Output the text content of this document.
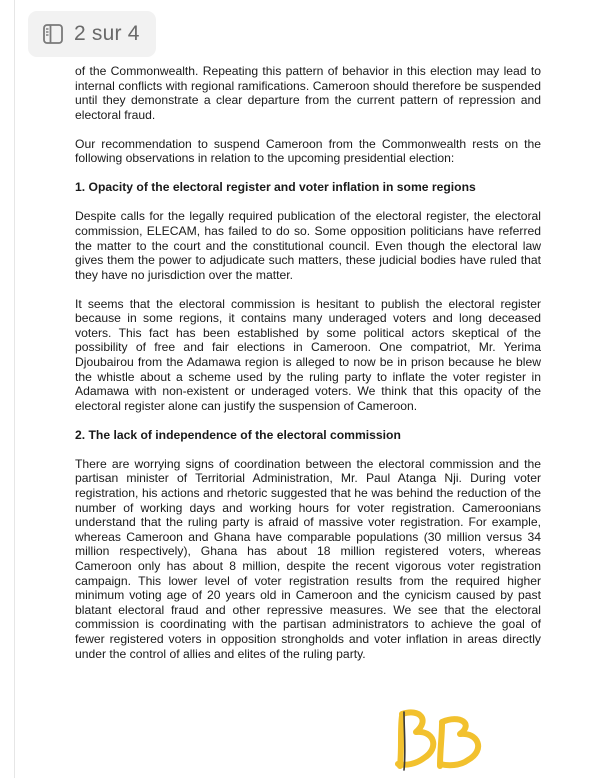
2 sur 4

of the Commonwealth. Repeating this pattern of behavior in this election may lead to internal conflicts with regional ramifications. Cameroon should therefore be suspended until they demonstrate a clear departure from the current pattern of repression and electoral fraud.

Our recommendation to suspend Cameroon from the Commonwealth rests on the following observations in relation to the upcoming presidential election:

1. Opacity of the electoral register and voter inflation in some regions

Despite calls for the legally required publication of the electoral register, the electoral commission, ELECAM, has failed to do so. Some opposition politicians have referred the matter to the court and the constitutional council. Even though the electoral law gives them the power to adjudicate such matters, these judicial bodies have ruled that they have no jurisdiction over the matter.

It seems that the electoral commission is hesitant to publish the electoral register because in some regions, it contains many underaged voters and long deceased voters. This fact has been established by some political actors skeptical of the possibility of free and fair elections in Cameroon. One compatriot, Mr. Yerima Djoubairou from the Adamawa region is alleged to now be in prison because he blew the whistle about a scheme used by the ruling party to inflate the voter register in Adamawa with non-existent or underaged voters. We think that this opacity of the electoral register alone can justify the suspension of Cameroon.

2. The lack of independence of the electoral commission

There are worrying signs of coordination between the electoral commission and the partisan minister of Territorial Administration, Mr. Paul Atanga Nji. During voter registration, his actions and rhetoric suggested that he was behind the reduction of the number of working days and working hours for voter registration. Cameroonians understand that the ruling party is afraid of massive voter registration. For example, whereas Cameroon and Ghana have comparable populations (30 million versus 34 million respectively), Ghana has about 18 million registered voters, whereas Cameroon only has about 8 million, despite the recent vigorous voter registration campaign. This lower level of voter registration results from the required higher minimum voting age of 20 years old in Cameroon and the cynicism caused by past blatant electoral fraud and other repressive measures. We see that the electoral commission is coordinating with the partisan administrators to achieve the goal of fewer registered voters in opposition strongholds and voter inflation in areas directly under the control of allies and elites of the ruling party.
